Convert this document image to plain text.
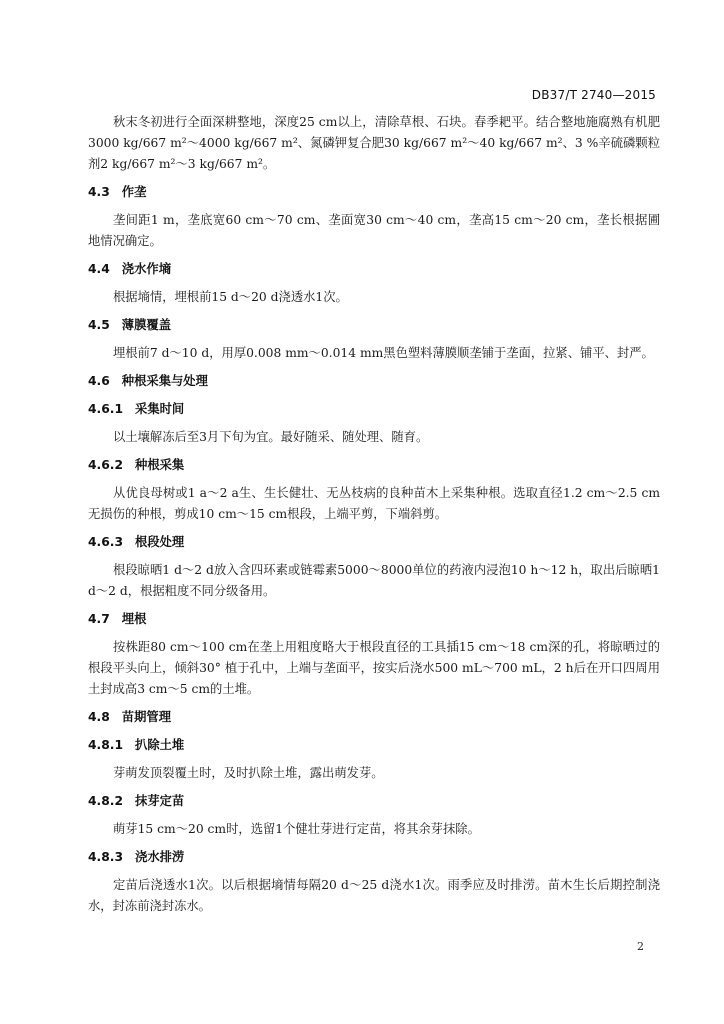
DB37/T 2740—2015

秋末冬初进行全面深耕整地，深度25 cm以上，清除草根、石块。春季耙平。结合整地施腐熟有机肥3000 kg/667 m²～4000 kg/667 m²、氮磷钾复合肥30 kg/667 m²～40 kg/667 m²、3 %辛硫磷颗粒剂2 kg/667 m²～3 kg/667 m²。

4.3 作垄

垄间距1 m，垄底宽60 cm～70 cm、垄面宽30 cm～40 cm，垄高15 cm～20 cm，垄长根据圃地情况确定。

4.4 浇水作墒

根据墒情，埋根前15 d～20 d浇透水1次。

4.5 薄膜覆盖

埋根前7 d～10 d，用厚0.008 mm～0.014 mm黑色塑料薄膜顺垄铺于垄面，拉紧、铺平、封严。

4.6 种根采集与处理
4.6.1 采集时间

以土壤解冻后至3月下旬为宜。最好随采、随处理、随育。

4.6.2 种根采集

从优良母树或1 a～2 a生、生长健壮、无丛枝病的良种苗木上采集种根。选取直径1.2 cm～2.5 cm无损伤的种根，剪成10 cm～15 cm根段，上端平剪，下端斜剪。

4.6.3 根段处理

根段晾晒1 d～2 d放入含四环素或链霉素5000～8000单位的药液内浸泡10 h～12 h，取出后晾晒1 d～2 d，根据粗度不同分级备用。

4.7 埋根

按株距80 cm～100 cm在垄上用粗度略大于根段直径的工具插15 cm～18 cm深的孔，将晾晒过的根段平头向上，倾斜30° 植于孔中，上端与垄面平，按实后浇水500 mL～700 mL，2 h后在开口四周用土封成高3 cm～5 cm的土堆。

4.8 苗期管理
4.8.1 扒除土堆

芽萌发顶裂覆土时，及时扒除土堆，露出萌发芽。

4.8.2 抹芽定苗

萌芽15 cm～20 cm时，选留1个健壮芽进行定苗，将其余芽抹除。

4.8.3 浇水排涝

定苗后浇透水1次。以后根据墒情每隔20 d～25 d浇水1次。雨季应及时排涝。苗木生长后期控制浇水，封冻前浇封冻水。

2
